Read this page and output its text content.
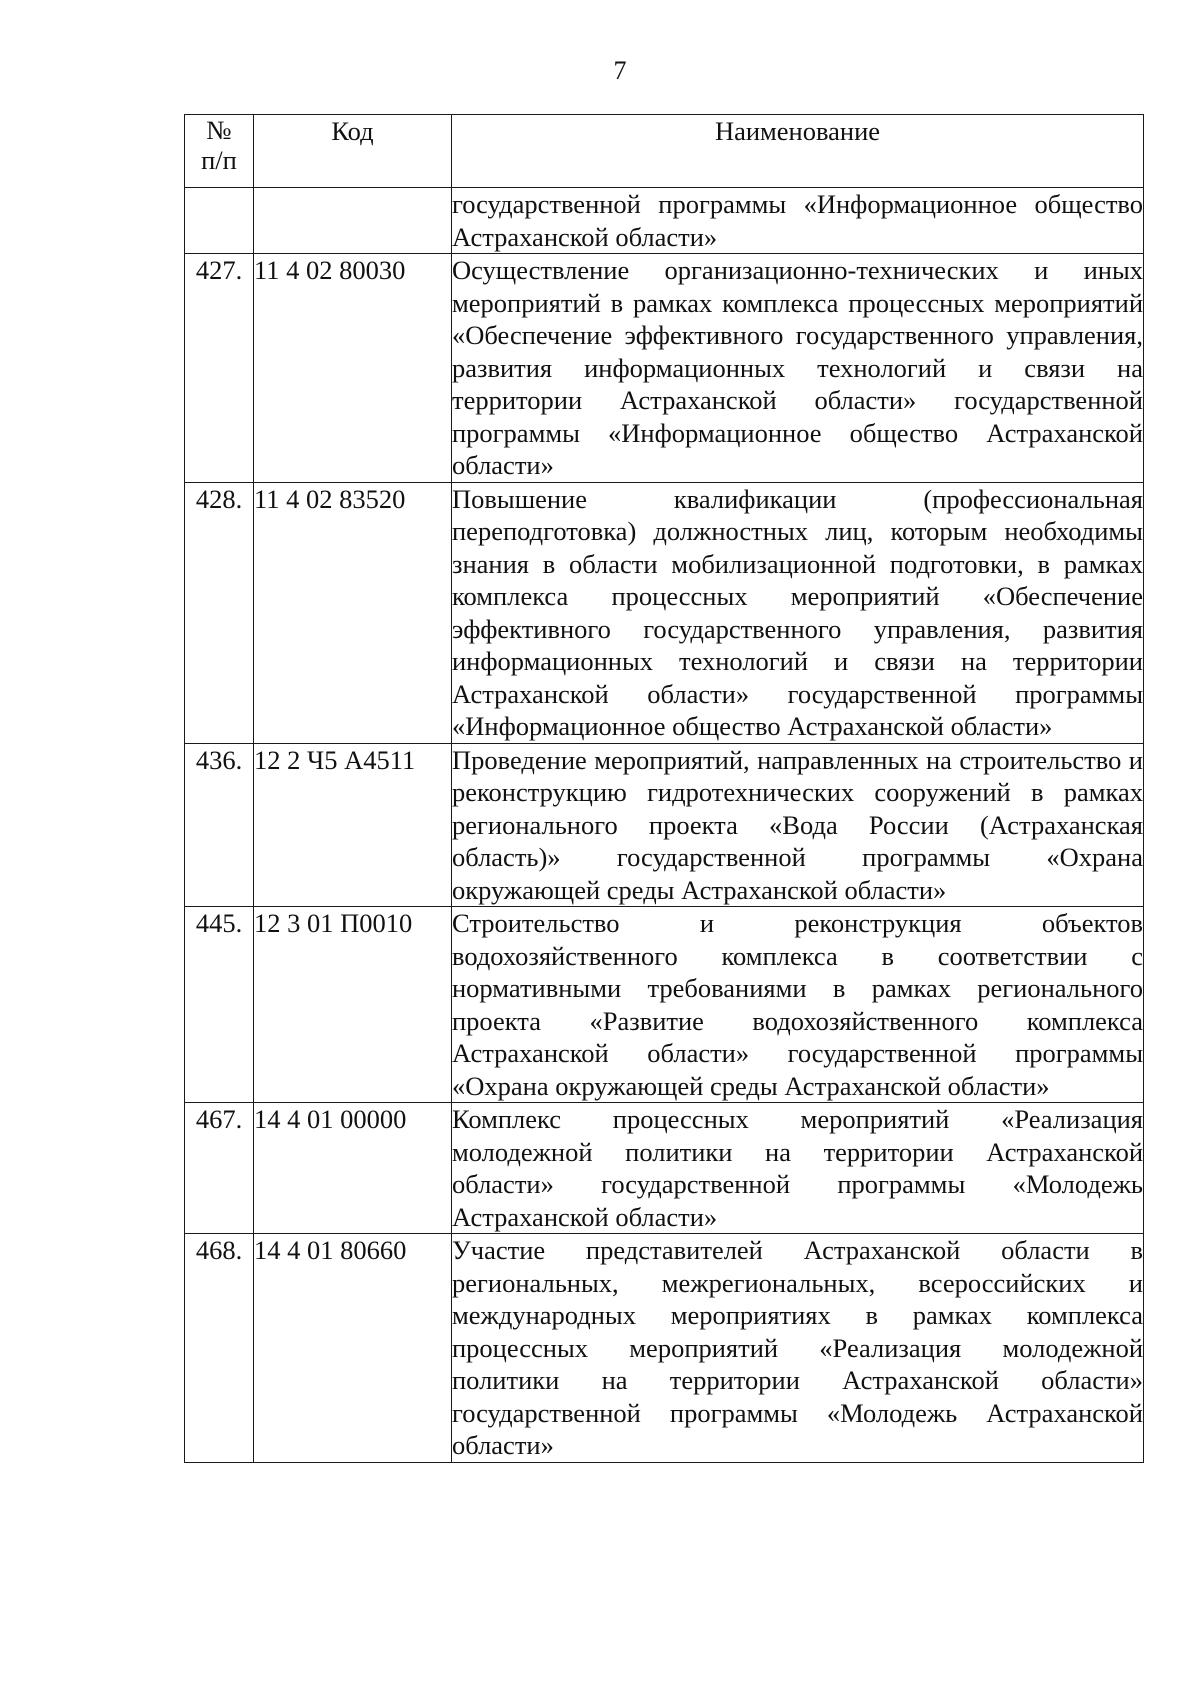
7
№
п/п	Код	Наименование

		государственной программы «Информационное общество Астраханской области»

427.	11 4 02 80030	Осуществление организационно-технических и иных мероприятий в рамках комплекса процессных мероприятий «Обеспечение эффективного государственного управления, развития информационных технологий и связи на территории Астраханской области» государственной программы «Информационное общество Астраханской области»

428.	11 4 02 83520	Повышение квалификации (профессиональная переподготовка) должностных лиц, которым необходимы знания в области мобилизационной подготовки, в рамках комплекса процессных мероприятий «Обеспечение эффективного государственного управления, развития информационных технологий и связи на территории Астраханской области» государственной программы «Информационное общество Астраханской области»

436.	12 2 Ч5 А4511	Проведение мероприятий, направленных на строительство и реконструкцию гидротехнических сооружений в рамках регионального проекта «Вода России (Астраханская область)» государственной программы «Охрана окружающей среды Астраханской области»

445.	12 3 01 П0010	Строительство и реконструкция объектов водохозяйственного комплекса в соответствии с нормативными требованиями в рамках регионального проекта «Развитие водохозяйственного комплекса Астраханской области» государственной программы «Охрана окружающей среды Астраханской области»

467.	14 4 01 00000	Комплекс процессных мероприятий «Реализация молодежной политики на территории Астраханской области» государственной программы «Молодежь Астраханской области»

468.	14 4 01 80660	Участие представителей Астраханской области в региональных, межрегиональных, всероссийских и международных мероприятиях в рамках комплекса процессных мероприятий «Реализация молодежной политики на территории Астраханской области» государственной программы «Молодежь Астраханской области»
